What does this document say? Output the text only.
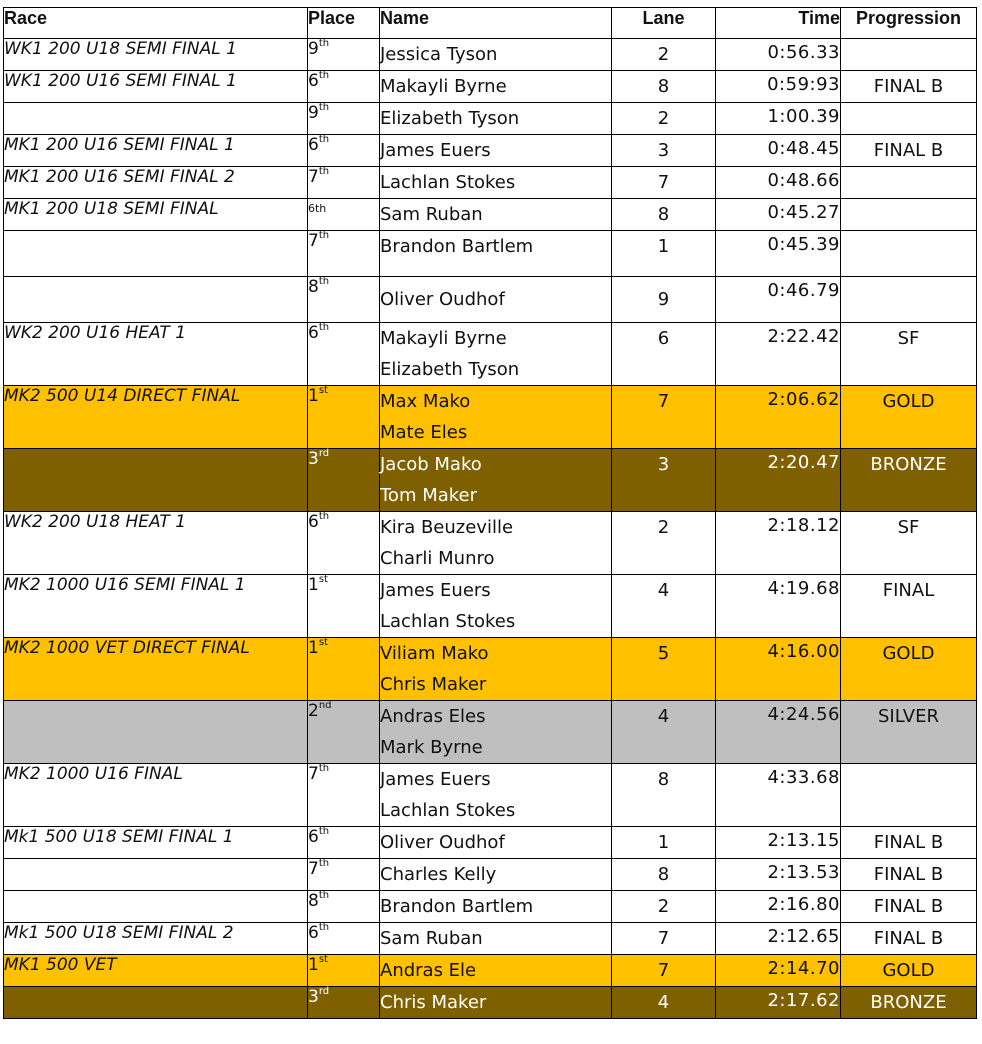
Race	Place	Name	Lane	Time	Progression
WK1 200 U18 SEMI FINAL 1	9th	Jessica Tyson	2	0:56.33	

WK1 200 U16 SEMI FINAL 1	6th	Makayli Byrne	8	0:59:93	FINAL B

	9th	Elizabeth Tyson	2	1:00.39	

MK1 200 U16 SEMI FINAL 1	6th	James Euers	3	0:48.45	FINAL B

MK1 200 U16 SEMI FINAL 2	7th	Lachlan Stokes	7	0:48.66	

MK1 200 U18 SEMI FINAL	6th	Sam Ruban	8	0:45.27	

	7th	Brandon Bartlem	1	0:45.39	

	8th	Oliver Oudhof	9	0:46.79	

WK2 200 U16 HEAT 1	6th	Makayli Byrne
Elizabeth Tyson	6	2:22.42	SF

MK2 500 U14 DIRECT FINAL	1st	Max Mako
Mate Eles	7	2:06.62	GOLD

	3rd	Jacob Mako
Tom Maker	3	2:20.47	BRONZE

WK2 200 U18 HEAT 1	6th	Kira Beuzeville
Charli Munro	2	2:18.12	SF

MK2 1000 U16 SEMI FINAL 1	1st	James Euers
Lachlan Stokes	4	4:19.68	FINAL

MK2 1000 VET DIRECT FINAL	1st	Viliam Mako
Chris Maker	5	4:16.00	GOLD

	2nd	Andras Eles
Mark Byrne	4	4:24.56	SILVER

MK2 1000 U16 FINAL	7th	James Euers
Lachlan Stokes	8	4:33.68	

Mk1 500 U18 SEMI FINAL 1	6th	Oliver Oudhof	1	2:13.15	FINAL B

	7th	Charles Kelly	8	2:13.53	FINAL B

	8th	Brandon Bartlem	2	2:16.80	FINAL B

Mk1 500 U18 SEMI FINAL 2	6th	Sam Ruban	7	2:12.65	FINAL B

MK1 500 VET	1st	Andras Ele	7	2:14.70	GOLD

	3rd	Chris Maker	4	2:17.62	BRONZE
